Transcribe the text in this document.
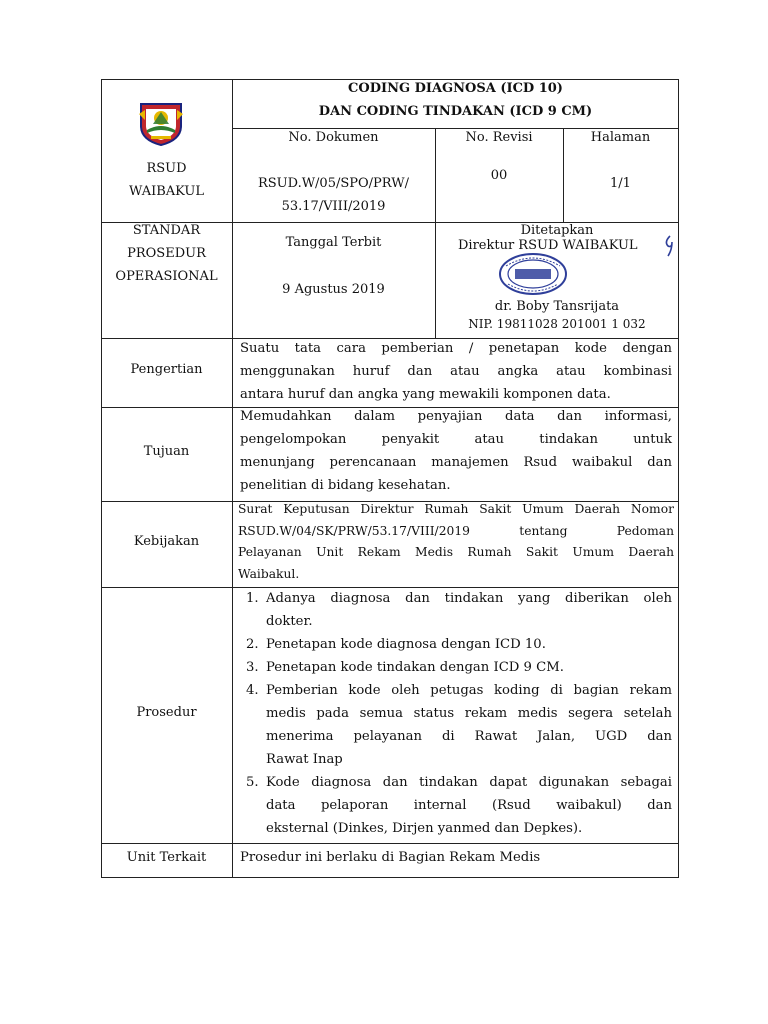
CODING DIAGNOSA (ICD 10)
DAN CODING TINDAKAN (ICD 9 CM)
RSUD
WAIBAKUL
No. Dokumen
RSUD.W/05/SPO/PRW/
53.17/VIII/2019
No. Revisi
00
Halaman
1/1
STANDAR
PROSEDUR
OPERASIONAL
Tanggal Terbit
9 Agustus 2019
Ditetapkan
Direktur RSUD WAIBAKUL
dr. Boby Tansrijata
NIP. 19811028 201001 1 032
Pengertian
Suatu tata cara pemberian / penetapan kode dengan
menggunakan huruf dan atau angka atau kombinasi
antara huruf dan angka yang mewakili komponen data.
Tujuan
Memudahkan dalam penyajian data dan informasi,
pengelompokan penyakit atau tindakan untuk
menunjang perencanaan manajemen Rsud waibakul dan
penelitian di bidang kesehatan.
Kebijakan
Surat Keputusan Direktur Rumah Sakit Umum Daerah Nomor
RSUD.W/04/SK/PRW/53.17/VIII/2019 tentang Pedoman
Pelayanan Unit Rekam Medis Rumah Sakit Umum Daerah
Waibakul.
Prosedur
1. Adanya diagnosa dan tindakan yang diberikan oleh
dokter.
2. Penetapan kode diagnosa dengan ICD 10.
3. Penetapan kode tindakan dengan ICD 9 CM.
4. Pemberian kode oleh petugas koding di bagian rekam
medis pada semua status rekam medis segera setelah
menerima pelayanan di Rawat Jalan, UGD dan
Rawat Inap
5. Kode diagnosa dan tindakan dapat digunakan sebagai
data pelaporan internal (Rsud waibakul) dan
eksternal (Dinkes, Dirjen yanmed dan Depkes).
Unit Terkait	Prosedur ini berlaku di Bagian Rekam Medis
